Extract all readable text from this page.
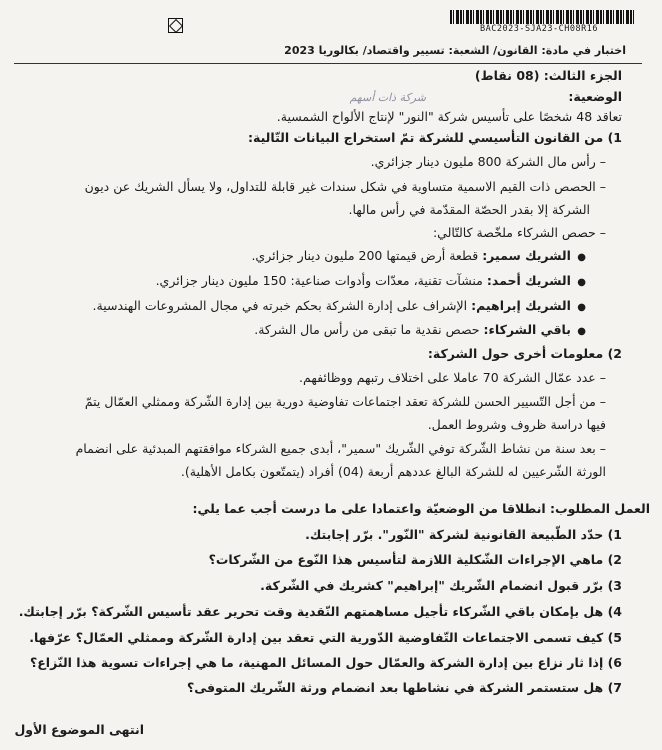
BAC2023-SJA23-CH08R16
اختبار في مادة: القانون/ الشعبة: تسيير واقتصاد/ بكالوريا 2023
الجزء الثالث: (08 نقاط)
الوضعية:
شركة ذات أسهم
تعاقد 48 شخصًا على تأسيس شركة "النور" لإنتاج الألواح الشمسية.
1) من القانون التأسيسي للشركة تمّ استخراج البيانات التّالية:
– رأس مال الشركة 800 مليون دينار جزائري.
– الحصص ذات القيم الاسمية متساوية في شكل سندات غير قابلة للتداول، ولا يسأل الشريك عن ديون
الشركة إلا بقدر الحصّة المقدّمة في رأس مالها.
– حصص الشركاء ملخّصة كالتّالي:
●  الشريك سمير: قطعة أرض قيمتها 200 مليون دينار جزائري.
●  الشريك أحمد: منشآت تقنية، معدّات وأدوات صناعية: 150 مليون دينار جزائري.
●  الشريك إبراهيم: الإشراف على إدارة الشركة بحكم خبرته في مجال المشروعات الهندسية.
●  باقي الشركاء: حصص نقدية ما تبقى من رأس مال الشركة.
2) معلومات أخرى حول الشركة:
– عدد عمّال الشركة 70 عاملا على اختلاف رتبهم ووظائفهم.
– من أجل التّسيير الحسن للشركة تعقد اجتماعات تفاوضية دورية بين إدارة الشّركة وممثلي العمّال يتمّ
فيها دراسة ظروف وشروط العمل.
– بعد سنة من نشاط الشّركة توفي الشّريك "سمير"، أبدى جميع الشركاء موافقتهم المبدئية على انضمام
الورثة الشّرعيين له للشركة البالغ عددهم أربعة (04) أفراد (يتمتّعون بكامل الأهلية).
العمل المطلوب: انطلاقا من الوضعيّة واعتمادا على ما درست أجب عما يلي:
1) حدّد الطّبيعة القانونية لشركة "النّور". برّر إجابتك.
2) ماهي الإجراءات الشّكلية اللازمة لتأسيس هذا النّوع من الشّركات؟
3) برّر قبول انضمام الشّريك "إبراهيم" كشريك في الشّركة.
4) هل بإمكان باقي الشّركاء تأجيل مساهمتهم النّقدية وقت تحرير عقد تأسيس الشّركة؟ برّر إجابتك.
5) كيف تسمى الاجتماعات التّفاوضية الدّورية التي تعقد بين إدارة الشّركة وممثلي العمّال؟ عرّفها.
6) إذا ثار نزاع بين إدارة الشركة والعمّال حول المسائل المهنية، ما هي إجراءات تسوية هذا النّزاع؟
7) هل ستستمر الشركة في نشاطها بعد انضمام ورثة الشّريك المتوفى؟
انتهى الموضوع الأول
